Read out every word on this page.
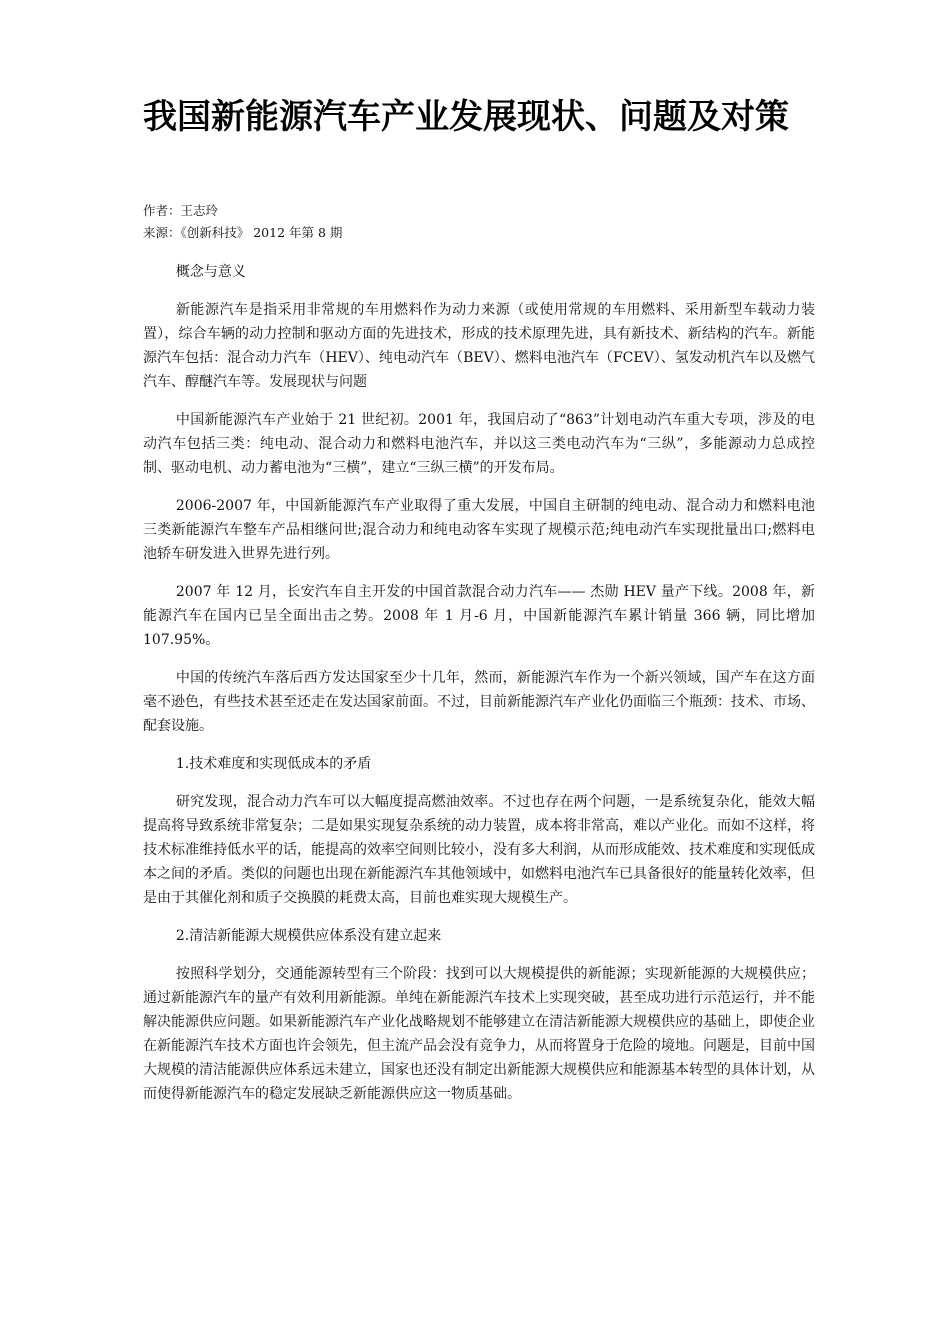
我国新能源汽车产业发展现状、问题及对策
作者：王志玲
来源：《创新科技》 2012 年第 8 期

概念与意义

新能源汽车是指采用非常规的车用燃料作为动力来源（或使用常规的车用燃料、采用新型车载动力装置），综合车辆的动力控制和驱动方面的先进技术，形成的技术原理先进，具有新技术、新结构的汽车。新能源汽车包括：混合动力汽车（HEV）、纯电动汽车（BEV）、燃料电池汽车（FCEV）、氢发动机汽车以及燃气汽车、醇醚汽车等。发展现状与问题

中国新能源汽车产业始于 21 世纪初。2001 年，我国启动了“863”计划电动汽车重大专项，涉及的电动汽车包括三类：纯电动、混合动力和燃料电池汽车，并以这三类电动汽车为“三纵”，多能源动力总成控制、驱动电机、动力蓄电池为“三横”，建立“三纵三横”的开发布局。

2006-2007 年，中国新能源汽车产业取得了重大发展，中国自主研制的纯电动、混合动力和燃料电池三类新能源汽车整车产品相继问世;混合动力和纯电动客车实现了规模示范;纯电动汽车实现批量出口;燃料电池轿车研发进入世界先进行列。

2007 年 12 月，长安汽车自主开发的中国首款混合动力汽车—— 杰勋 HEV 量产下线。2008 年，新能源汽车在国内已呈全面出击之势。2008 年 1 月-6 月，中国新能源汽车累计销量 366 辆，同比增加 107.95%。

中国的传统汽车落后西方发达国家至少十几年，然而，新能源汽车作为一个新兴领域，国产车在这方面毫不逊色，有些技术甚至还走在发达国家前面。不过，目前新能源汽车产业化仍面临三个瓶颈：技术、市场、配套设施。

1.技术难度和实现低成本的矛盾

研究发现，混合动力汽车可以大幅度提高燃油效率。不过也存在两个问题，一是系统复杂化，能效大幅提高将导致系统非常复杂；二是如果实现复杂系统的动力装置，成本将非常高，难以产业化。而如不这样，将技术标准维持低水平的话，能提高的效率空间则比较小，没有多大利润，从而形成能效、技术难度和实现低成本之间的矛盾。类似的问题也出现在新能源汽车其他领域中，如燃料电池汽车已具备很好的能量转化效率，但是由于其催化剂和质子交换膜的耗费太高，目前也难实现大规模生产。

2.清洁新能源大规模供应体系没有建立起来

按照科学划分，交通能源转型有三个阶段：找到可以大规模提供的新能源；实现新能源的大规模供应；通过新能源汽车的量产有效利用新能源。单纯在新能源汽车技术上实现突破，甚至成功进行示范运行，并不能解决能源供应问题。如果新能源汽车产业化战略规划不能够建立在清洁新能源大规模供应的基础上，即使企业在新能源汽车技术方面也许会领先，但主流产品会没有竞争力，从而将置身于危险的境地。问题是，目前中国大规模的清洁能源供应体系远未建立，国家也还没有制定出新能源大规模供应和能源基本转型的具体计划，从而使得新能源汽车的稳定发展缺乏新能源供应这一物质基础。
